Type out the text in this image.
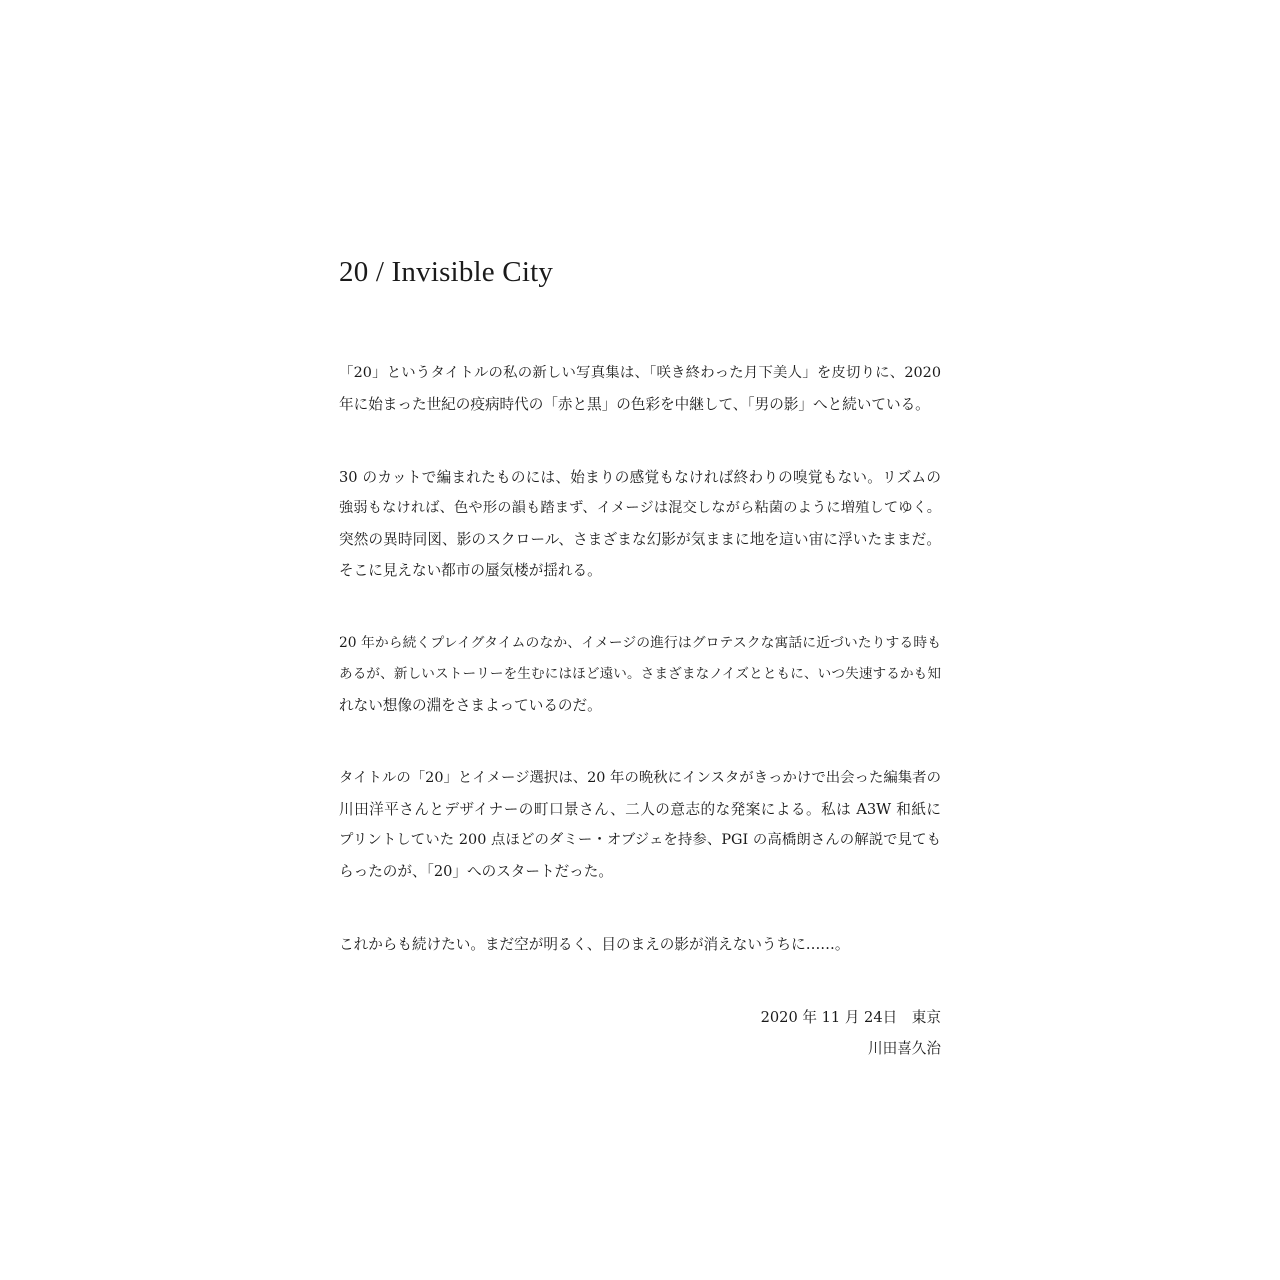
20 / Invisible City

「20」というタイトルの私の新しい写真集は、「咲き終わった月下美人」を皮切りに、2020
年に始まった世紀の疫病時代の「赤と黒」の色彩を中継して、「男の影」へと続いている。

30 のカットで編まれたものには、始まりの感覚もなければ終わりの嗅覚もない。リズムの
強弱もなければ、色や形の韻も踏まず、イメージは混交しながら粘菌のように増殖してゆく。
突然の異時同図、影のスクロール、さまざまな幻影が気ままに地を這い宙に浮いたままだ。
そこに見えない都市の蜃気楼が揺れる。

20 年から続くプレイグタイムのなか、イメージの進行はグロテスクな寓話に近づいたりする時も
あるが、新しいストーリーを生むにはほど遠い。さまざまなノイズとともに、いつ失速するかも知
れない想像の淵をさまよっているのだ。

タイトルの「20」とイメージ選択は、20 年の晩秋にインスタがきっかけで出会った編集者の
川田洋平さんとデザイナーの町口景さん、二人の意志的な発案による。私は A3W 和紙に
プリントしていた 200 点ほどのダミー・オブジェを持参、PGI の高橋朗さんの解説で見ても
らったのが、「20」へのスタートだった。

これからも続けたい。まだ空が明るく、目のまえの影が消えないうちに……。

2020 年 11 月 24日　東京
川田喜久治
